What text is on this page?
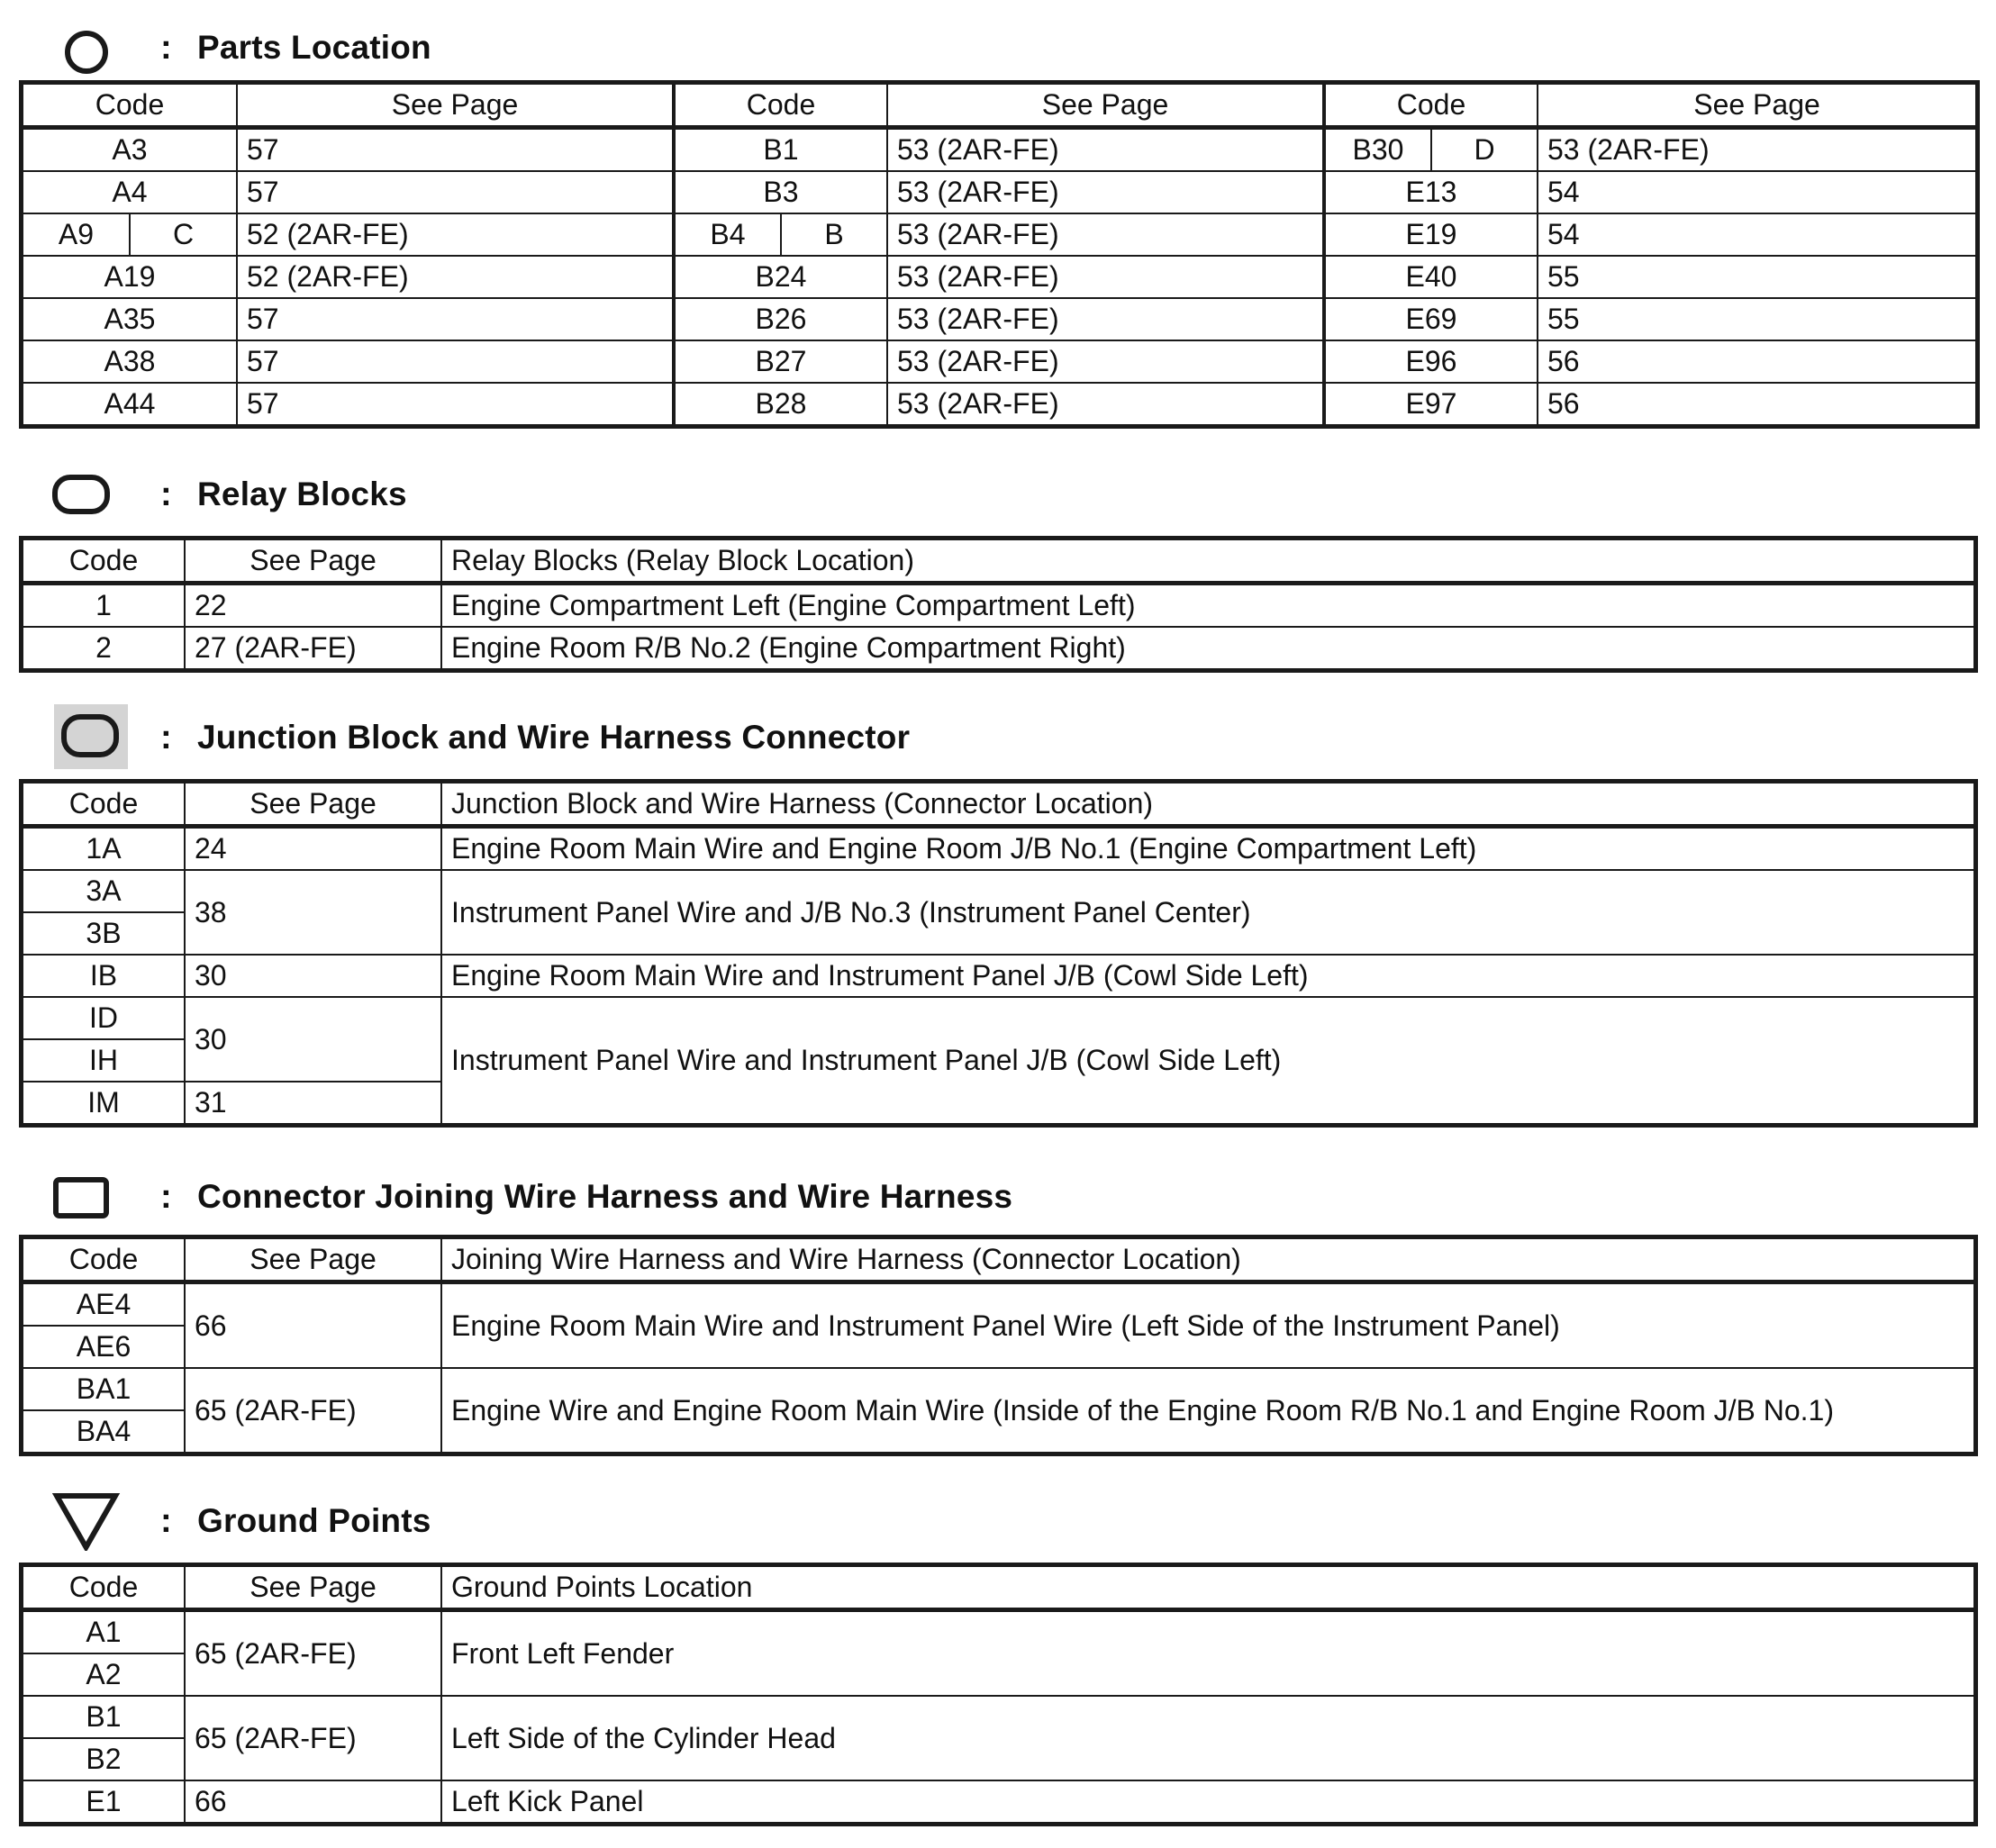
: Parts Location
Code	See Page	Code	See Page	Code	See Page
A3	57	B1	53 (2AR-FE)	B30 D	53 (2AR-FE)
A4	57	B3	53 (2AR-FE)	E13	54

A9 C	52 (2AR-FE)	B4 B	53 (2AR-FE)	E19	54
A19	52 (2AR-FE)	B24	53 (2AR-FE)	E40	55
A35	57	B26	53 (2AR-FE)	E69	55
A38	57	B27	53 (2AR-FE)	E96	56
A44	57	B28	53 (2AR-FE)	E97	56
: Relay Blocks
Code	See Page	Relay Blocks (Relay Block Location)
1	22	Engine Compartment Left (Engine Compartment Left)
2	27 (2AR-FE)	Engine Room R/B No.2 (Engine Compartment Right)
: Junction Block and Wire Harness Connector
Code	See Page	Junction Block and Wire Harness (Connector Location)
1A	24	Engine Room Main Wire and Engine Room J/B No.1 (Engine Compartment Left)
3A	38	Instrument Panel Wire and J/B No.3 (Instrument Panel Center)
3B		
IB	30	Engine Room Main Wire and Instrument Panel J/B (Cowl Side Left)
ID	30	Instrument Panel Wire and Instrument Panel J/B (Cowl Side Left)
IH		
IM	31	
: Connector Joining Wire Harness and Wire Harness
Code	See Page	Joining Wire Harness and Wire Harness (Connector Location)
AE4	66	Engine Room Main Wire and Instrument Panel Wire (Left Side of the Instrument Panel)
AE6		
BA1	65 (2AR-FE)	Engine Wire and Engine Room Main Wire (Inside of the Engine Room R/B No.1 and Engine Room J/B No.1)
BA4		
: Ground Points
Code	See Page	Ground Points Location
A1	65 (2AR-FE)	Front Left Fender
A2		
B1	65 (2AR-FE)	Left Side of the Cylinder Head
B2		
E1	66	Left Kick Panel
